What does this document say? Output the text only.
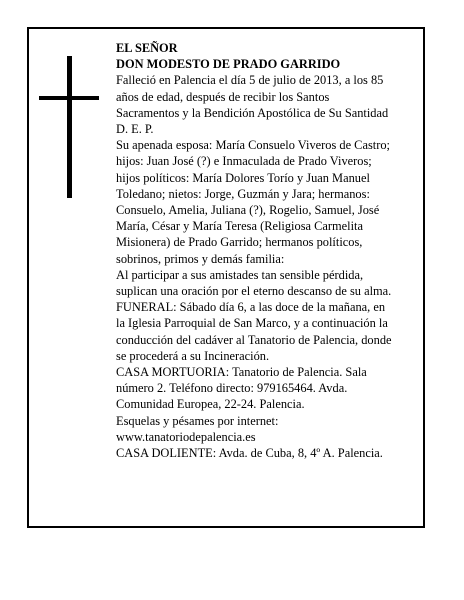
EL SEÑOR
DON MODESTO DE PRADO GARRIDO
Falleció en Palencia el día 5 de julio de 2013, a los 85
años de edad, después de recibir los Santos
Sacramentos y la Bendición Apostólica de Su Santidad
D. E. P.
Su apenada esposa: María Consuelo Viveros de Castro;
hijos: Juan José (?) e Inmaculada de Prado Viveros;
hijos políticos: María Dolores Torío y Juan Manuel
Toledano; nietos: Jorge, Guzmán y Jara; hermanos:
Consuelo, Amelia, Juliana (?), Rogelio, Samuel, José
María, César y María Teresa (Religiosa Carmelita
Misionera) de Prado Garrido; hermanos políticos,
sobrinos, primos y demás familia:
Al participar a sus amistades tan sensible pérdida,
suplican una oración por el eterno descanso de su alma.
FUNERAL: Sábado día 6, a las doce de la mañana, en
la Iglesia Parroquial de San Marco, y a continuación la
conducción del cadáver al Tanatorio de Palencia, donde
se procederá a su Incineración.
CASA MORTUORIA: Tanatorio de Palencia. Sala
número 2. Teléfono directo: 979165464. Avda.
Comunidad Europea, 22-24. Palencia.
Esquelas y pésames por internet:
www.tanatoriodepalencia.es
CASA DOLIENTE: Avda. de Cuba, 8, 4º A. Palencia.
